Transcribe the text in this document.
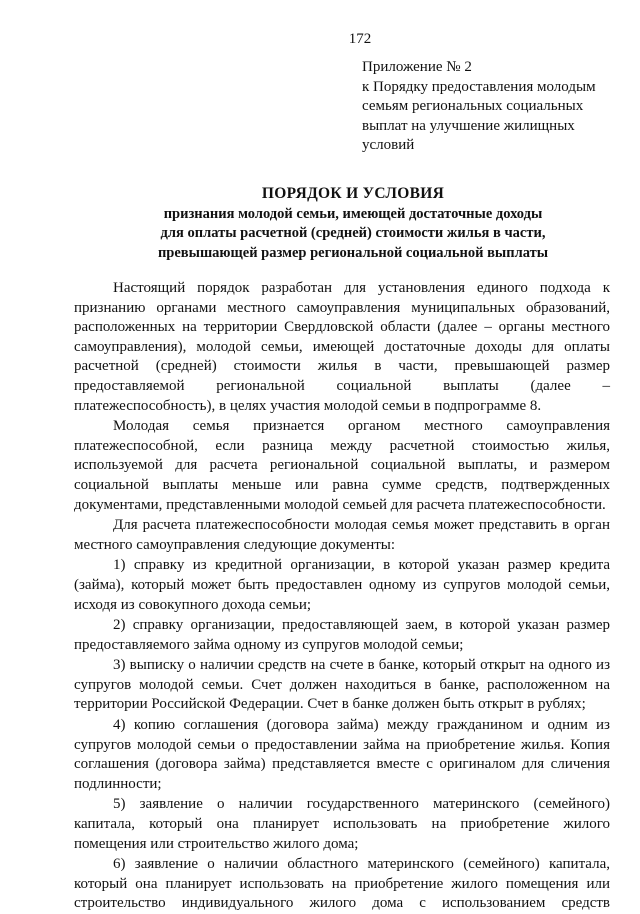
172
Приложение № 2
к Порядку предоставления молодым
семьям региональных социальных
выплат на улучшение жилищных
условий
ПОРЯДОК И УСЛОВИЯ
признания молодой семьи, имеющей достаточные доходы
для оплаты расчетной (средней) стоимости жилья в части,
превышающей размер региональной социальной выплаты

Настоящий порядок разработан для установления единого подхода к признанию органами местного самоуправления муниципальных образований, расположенных на территории Свердловской области (далее – органы местного самоуправления), молодой семьи, имеющей достаточные доходы для оплаты расчетной (средней) стоимости жилья в части, превышающей размер предоставляемой региональной социальной выплаты (далее – платежеспособность), в целях участия молодой семьи в подпрограмме 8.

Молодая семья признается органом местного самоуправления платежеспособной, если разница между расчетной стоимостью жилья, используемой для расчета региональной социальной выплаты, и размером социальной выплаты меньше или равна сумме средств, подтвержденных документами, представленными молодой семьей для расчета платежеспособности.

Для расчета платежеспособности молодая семья может представить в орган местного самоуправления следующие документы:

1) справку из кредитной организации, в которой указан размер кредита (займа), который может быть предоставлен одному из супругов молодой семьи, исходя из совокупного дохода семьи;

2) справку организации, предоставляющей заем, в которой указан размер предоставляемого займа одному из супругов молодой семьи;

3) выписку о наличии средств на счете в банке, который открыт на одного из супругов молодой семьи. Счет должен находиться в банке, расположенном на территории Российской Федерации. Счет в банке должен быть открыт в рублях;

4) копию соглашения (договора займа) между гражданином и одним из супругов молодой семьи о предоставлении займа на приобретение жилья. Копия соглашения (договора займа) представляется вместе с оригиналом для сличения подлинности;

5) заявление о наличии государственного материнского (семейного) капитала, который она планирует использовать на приобретение жилого помещения или строительство жилого дома;

6) заявление о наличии областного материнского (семейного) капитала, который она планирует использовать на приобретение жилого помещения или строительство индивидуального жилого дома с использованием средств
